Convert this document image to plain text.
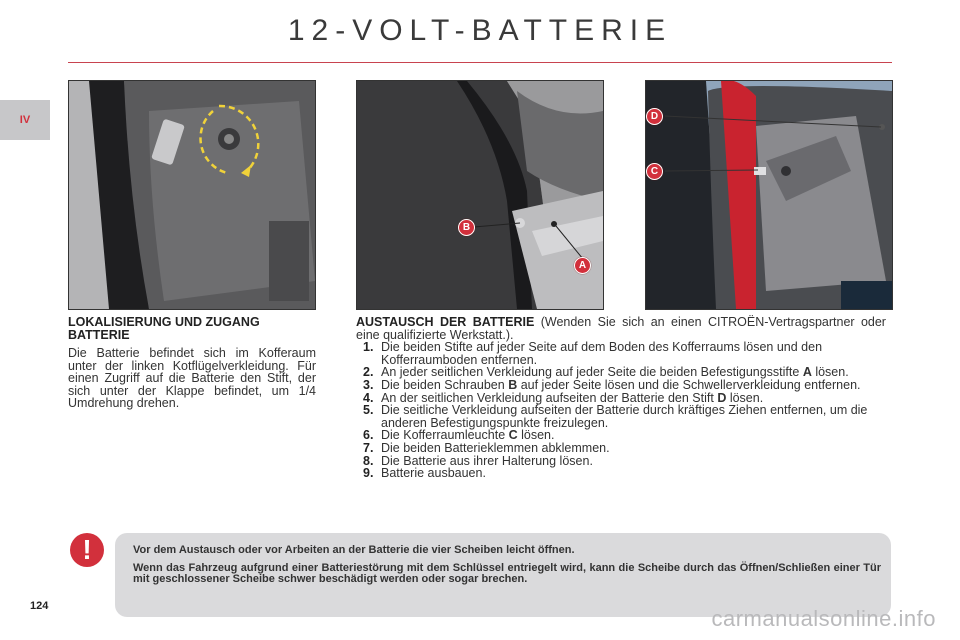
12-VOLT-BATTERIE
IV
124
B
A
D
C
LOKALISIERUNG UND ZUGANG BATTERIE

Die Batterie befindet sich im Kofferaum unter der linken Kotflügelverkleidung. Für einen Zugriff auf die Batterie den Stift, der sich unter der Klappe befindet, um 1/4 Umdrehung drehen.

AUSTAUSCH DER BATTERIE (Wenden Sie sich an einen CITROËN-Vertragspartner oder eine qualifizierte Werkstatt.).

1. Die beiden Stifte auf jeder Seite auf dem Boden des Kofferraums lösen und den Kofferraumboden entfernen.
2. An jeder seitlichen Verkleidung auf jeder Seite die beiden Befestigungsstifte A lösen.
3. Die beiden Schrauben B auf jeder Seite lösen und die Schwellerverkleidung entfernen.
4. An der seitlichen Verkleidung aufseiten der Batterie den Stift D lösen.
5. Die seitliche Verkleidung aufseiten der Batterie durch kräftiges Ziehen entfernen, um die anderen Befestigungspunkte freizulegen.
6. Die Kofferraumleuchte C lösen.
7. Die beiden Batterieklemmen abklemmen.
8. Die Batterie aus ihrer Halterung lösen.
9. Batterie ausbauen.
!	Vor dem Austausch oder vor Arbeiten an der Batterie die vier Scheiben leicht öffnen.

Wenn das Fahrzeug aufgrund einer Batteriestörung mit dem Schlüssel entriegelt wird, kann die Scheibe durch das Öffnen/Schließen einer Tür mit geschlossener Scheibe schwer beschädigt werden oder sogar brechen.

carmanualsonline.info
